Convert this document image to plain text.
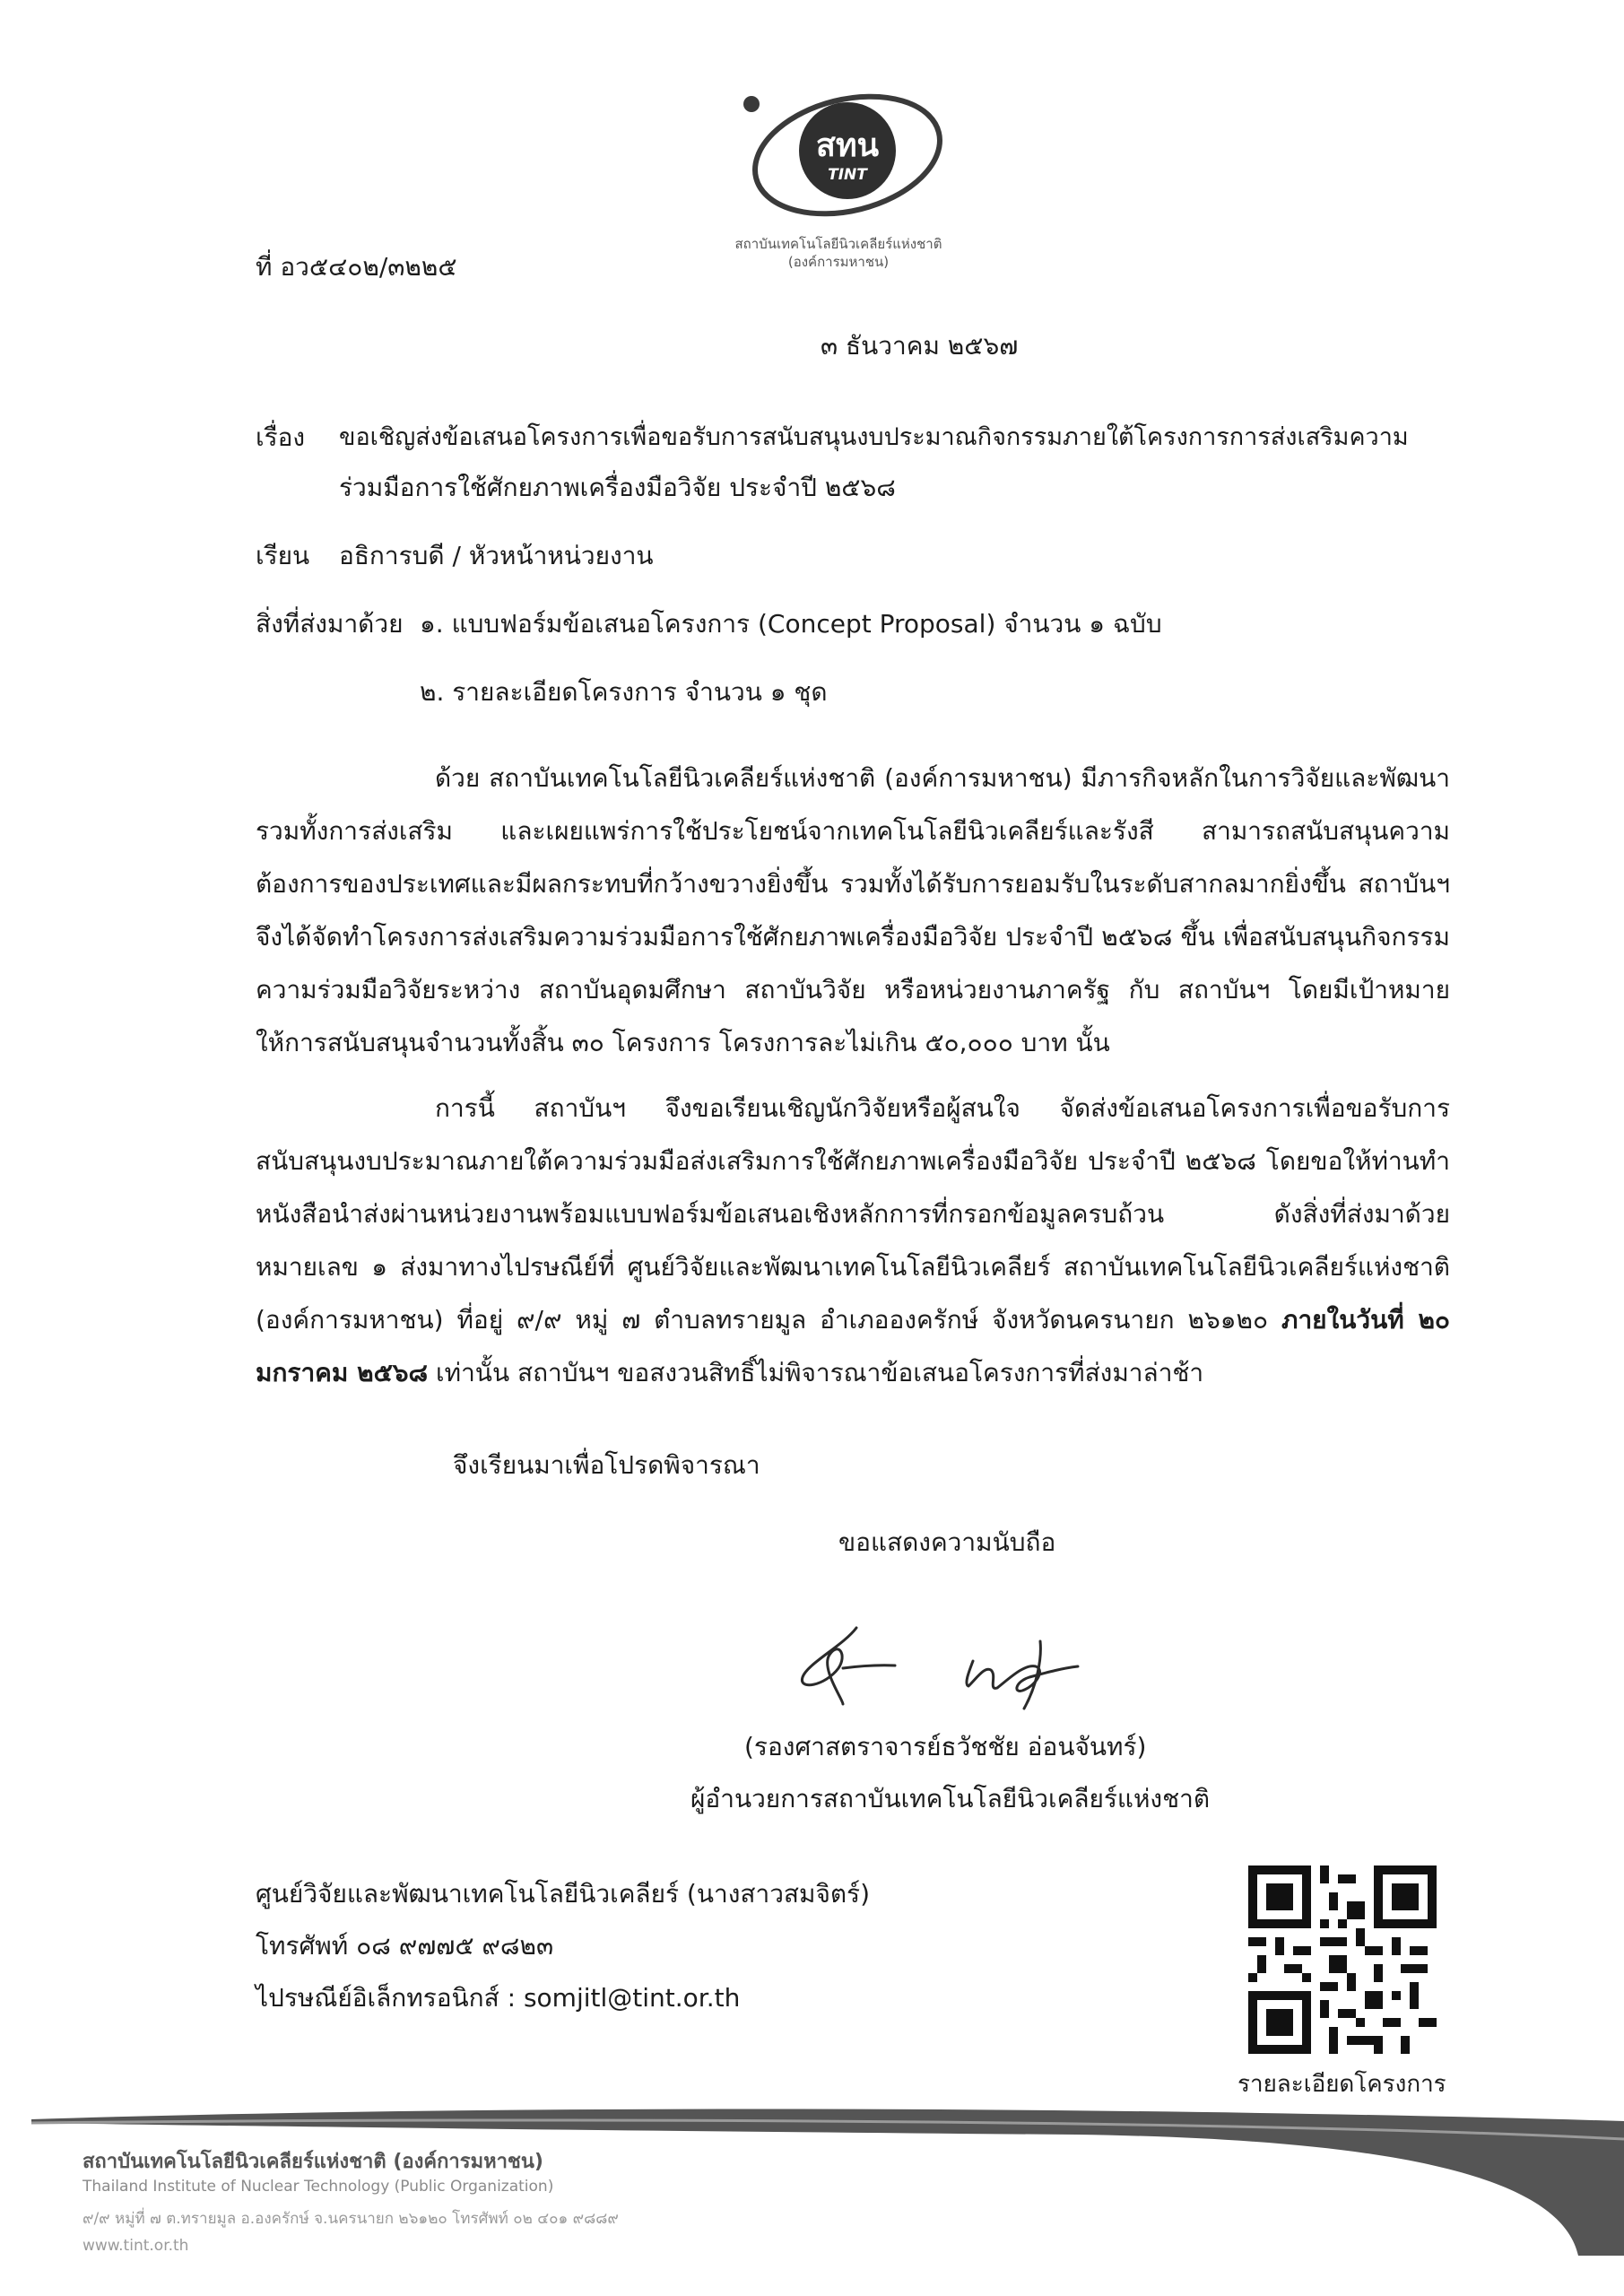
สทน
TINT
สถาบันเทคโนโลยีนิวเคลียร์แห่งชาติ
(องค์การมหาชน)
ที่ อว๕๔๐๒/๓๒๒๕
๓ ธันวาคม ๒๕๖๗
เรื่อง ขอเชิญส่งข้อเสนอโครงการเพื่อขอรับการสนับสนุนงบประมาณกิจกรรมภายใต้โครงการการส่งเสริมความ
ร่วมมือการใช้ศักยภาพเครื่องมือวิจัย ประจำปี ๒๕๖๘
เรียน อธิการบดี / หัวหน้าหน่วยงาน
สิ่งที่ส่งมาด้วย ๑. แบบฟอร์มข้อเสนอโครงการ (Concept Proposal) จำนวน ๑ ฉบับ
๒. รายละเอียดโครงการ จำนวน ๑ ชุด

ด้วย สถาบันเทคโนโลยีนิวเคลียร์แห่งชาติ (องค์การมหาชน) มีภารกิจหลักในการวิจัยและพัฒนา รวมทั้งการส่งเสริม และเผยแพร่การใช้ประโยชน์จากเทคโนโลยีนิวเคลียร์และรังสี สามารถสนับสนุนความต้องการของประเทศและมีผลกระทบที่กว้างขวางยิ่งขึ้น รวมทั้งได้รับการยอมรับในระดับสากลมากยิ่งขึ้น สถาบันฯ จึงได้จัดทำโครงการส่งเสริมความร่วมมือการใช้ศักยภาพเครื่องมือวิจัย ประจำปี ๒๕๖๘ ขึ้น เพื่อสนับสนุนกิจกรรมความร่วมมือวิจัยระหว่าง สถาบันอุดมศึกษา สถาบันวิจัย หรือหน่วยงานภาครัฐ กับ สถาบันฯ โดยมีเป้าหมายให้การสนับสนุนจำนวนทั้งสิ้น ๓๐ โครงการ โครงการละไม่เกิน ๕๐,๐๐๐ บาท นั้น

การนี้ สถาบันฯ จึงขอเรียนเชิญนักวิจัยหรือผู้สนใจ จัดส่งข้อเสนอโครงการเพื่อขอรับการสนับสนุนงบประมาณภายใต้ความร่วมมือส่งเสริมการใช้ศักยภาพเครื่องมือวิจัย ประจำปี ๒๕๖๘ โดยขอให้ท่านทำหนังสือนำส่งผ่านหน่วยงานพร้อมแบบฟอร์มข้อเสนอเชิงหลักการที่กรอกข้อมูลครบถ้วน ดังสิ่งที่ส่งมาด้วยหมายเลข ๑ ส่งมาทางไปรษณีย์ที่ ศูนย์วิจัยและพัฒนาเทคโนโลยีนิวเคลียร์ สถาบันเทคโนโลยีนิวเคลียร์แห่งชาติ (องค์การมหาชน) ที่อยู่ ๙/๙ หมู่ ๗ ตำบลทรายมูล อำเภอองครักษ์ จังหวัดนครนายก ๒๖๑๒๐ ภายในวันที่ ๒๐ มกราคม ๒๕๖๘ เท่านั้น สถาบันฯ ขอสงวนสิทธิ์ไม่พิจารณาข้อเสนอโครงการที่ส่งมาล่าช้า

จึงเรียนมาเพื่อโปรดพิจารณา
ขอแสดงความนับถือ
(รองศาสตราจารย์ธวัชชัย อ่อนจันทร์)
ผู้อำนวยการสถาบันเทคโนโลยีนิวเคลียร์แห่งชาติ
ศูนย์วิจัยและพัฒนาเทคโนโลยีนิวเคลียร์ (นางสาวสมจิตร์)
โทรศัพท์ ๐๘ ๙๗๗๕ ๙๘๒๓
ไปรษณีย์อิเล็กทรอนิกส์ : somjitl@tint.or.th
รายละเอียดโครงการ
สถาบันเทคโนโลยีนิวเคลียร์แห่งชาติ (องค์การมหาชน)
Thailand Institute of Nuclear Technology (Public Organization)
๙/๙ หมู่ที่ ๗ ต.ทรายมูล อ.องครักษ์ จ.นครนายก ๒๖๑๒๐ โทรศัพท์ ๐๒ ๔๐๑ ๙๘๘๙
www.tint.or.th
